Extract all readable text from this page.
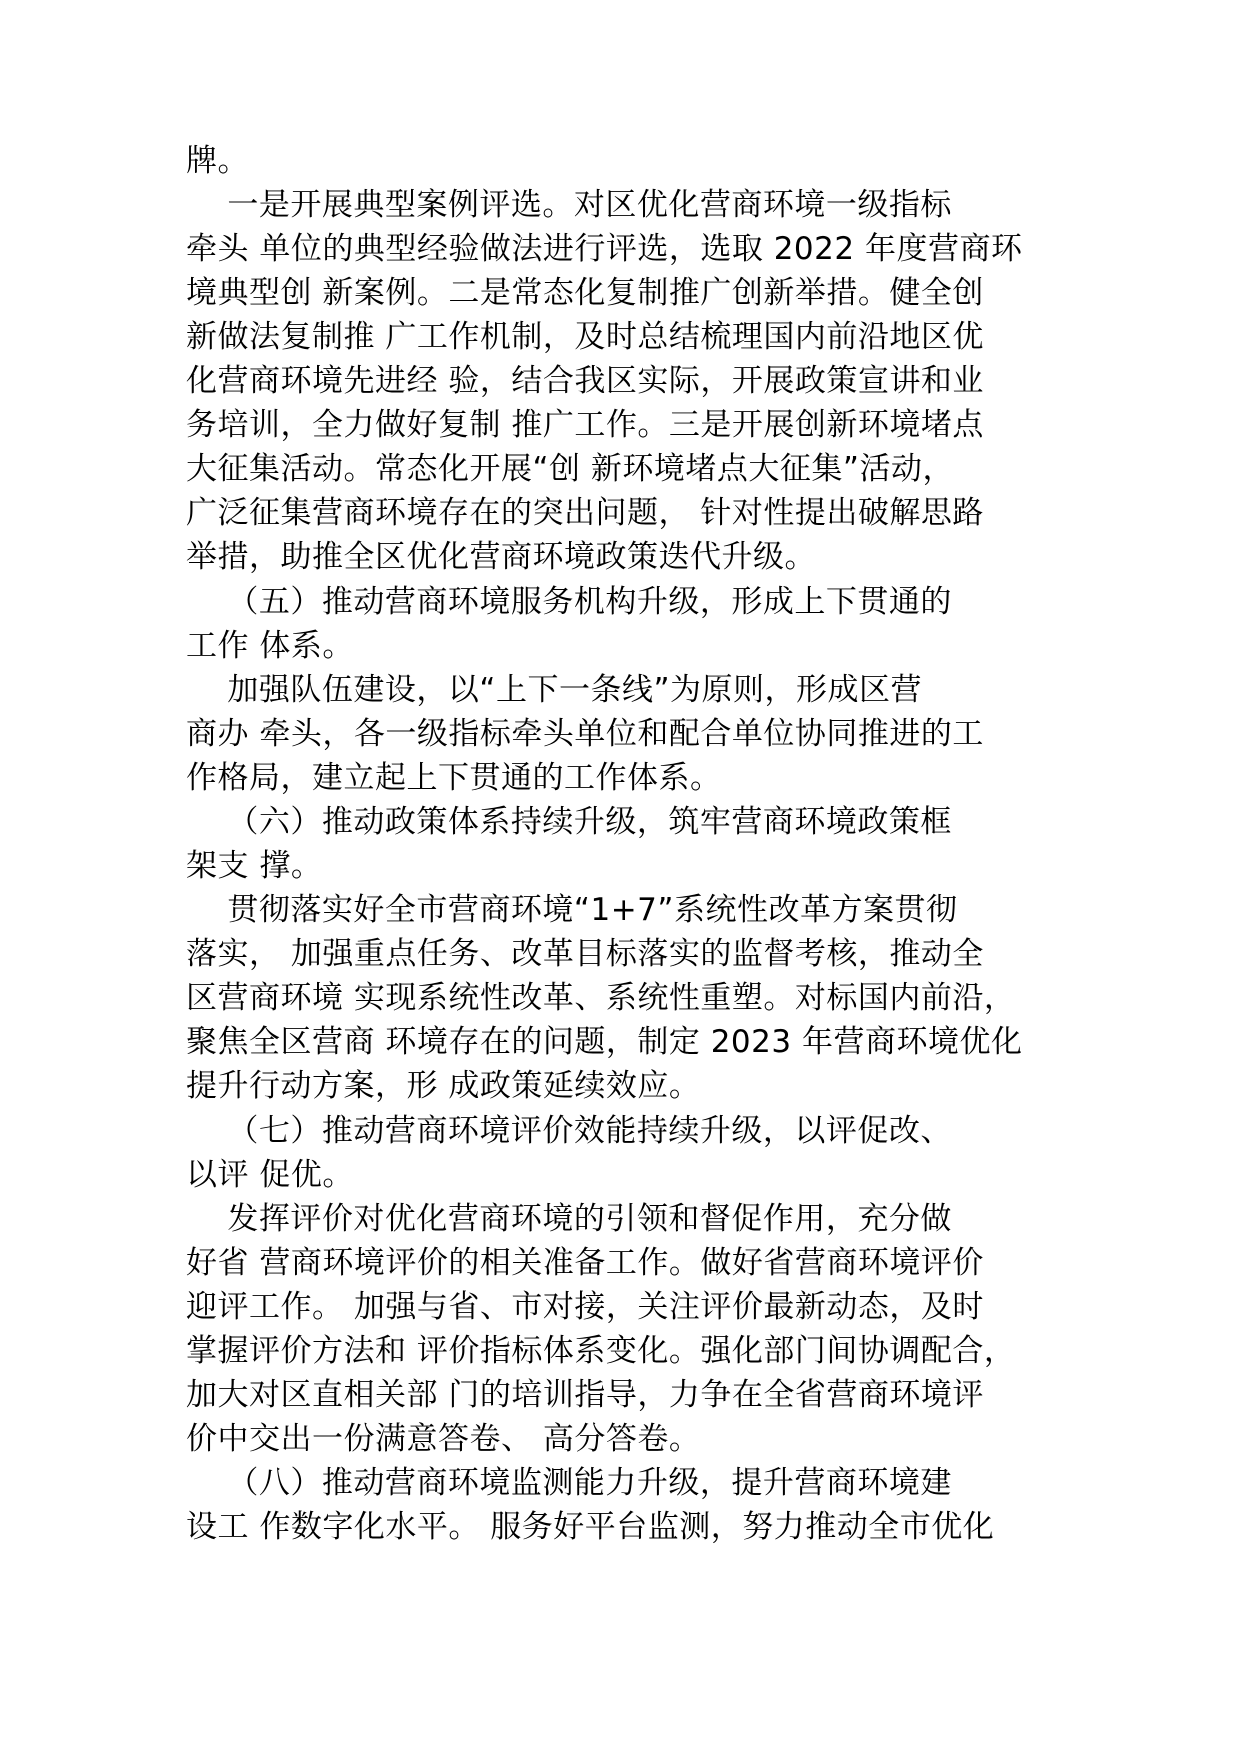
牌。
一是开展典型案例评选。对区优化营商环境一级指标
牵头 单位的典型经验做法进行评选，选取 2022 年度营商环
境典型创 新案例。二是常态化复制推广创新举措。健全创
新做法复制推 广工作机制，及时总结梳理国内前沿地区优
化营商环境先进经 验，结合我区实际，开展政策宣讲和业
务培训，全力做好复制 推广工作。三是开展创新环境堵点
大征集活动。常态化开展“创 新环境堵点大征集”活动，
广泛征集营商环境存在的突出问题， 针对性提出破解思路
举措，助推全区优化营商环境政策迭代升级。
（五）推动营商环境服务机构升级，形成上下贯通的
工作 体系。
加强队伍建设，以“上下一条线”为原则，形成区营
商办 牵头，各一级指标牵头单位和配合单位协同推进的工
作格局，建立起上下贯通的工作体系。
（六）推动政策体系持续升级，筑牢营商环境政策框
架支 撑。
贯彻落实好全市营商环境“1+7”系统性改革方案贯彻
落实， 加强重点任务、改革目标落实的监督考核，推动全
区营商环境 实现系统性改革、系统性重塑。对标国内前沿，
聚焦全区营商 环境存在的问题，制定 2023 年营商环境优化
提升行动方案，形 成政策延续效应。
（七）推动营商环境评价效能持续升级，以评促改、
以评 促优。
发挥评价对优化营商环境的引领和督促作用，充分做
好省 营商环境评价的相关准备工作。做好省营商环境评价
迎评工作。 加强与省、市对接，关注评价最新动态，及时
掌握评价方法和 评价指标体系变化。强化部门间协调配合，
加大对区直相关部 门的培训指导，力争在全省营商环境评
价中交出一份满意答卷、 高分答卷。
（八）推动营商环境监测能力升级，提升营商环境建
设工 作数字化水平。 服务好平台监测，努力推动全市优化
